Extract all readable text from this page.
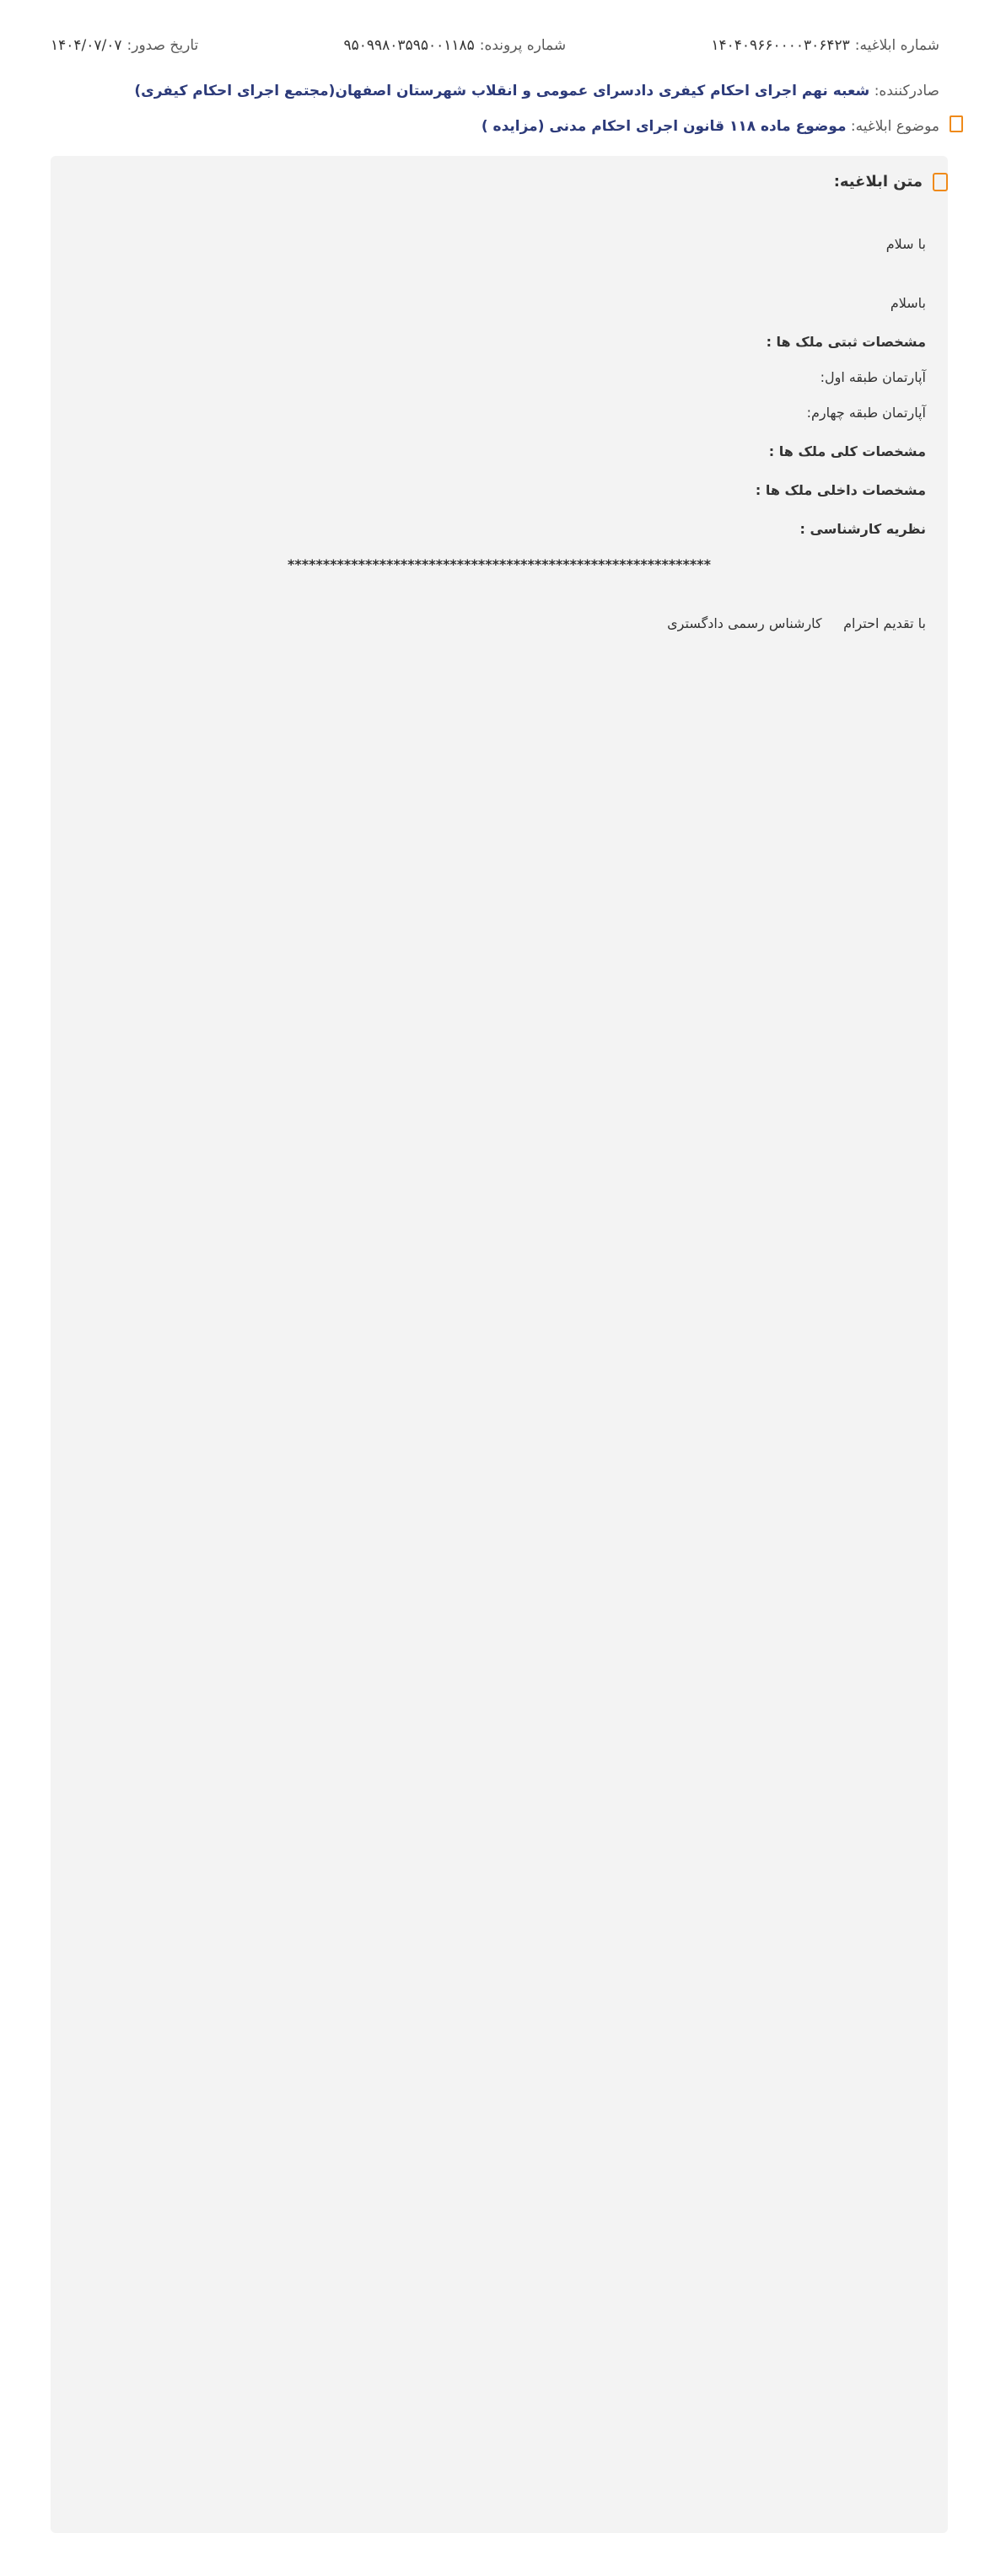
شماره ابلاغیه:۱۴۰۴۰۹۶۶۰۰۰۰۳۰۶۴۲۳
شماره پرونده:۹۵۰۹۹۸۰۳۵۹۵۰۰۱۱۸۵
تاریخ صدور:۱۴۰۴/۰۷/۰۷
صادرکننده: شعبه نهم اجرای احکام کیفری دادسرای عمومی و انقلاب شهرستان اصفهان(مجتمع اجرای احکام کیفری)
موضوع ابلاغیه: موضوع ماده ۱۱۸ قانون اجرای احکام مدنی (مزایده )
متن ابلاغیه:

با سلام

باسلام

مشخصات ثبتی ملک ها :

آپارتمان طبقه اول:

آپارتمان طبقه چهارم:

مشخصات کلی ملک ها :

مشخصات داخلی ملک ها :

نظریه کارشناسی :

************************************************************

با تقدیم احترام     کارشناس رسمی دادگستری
